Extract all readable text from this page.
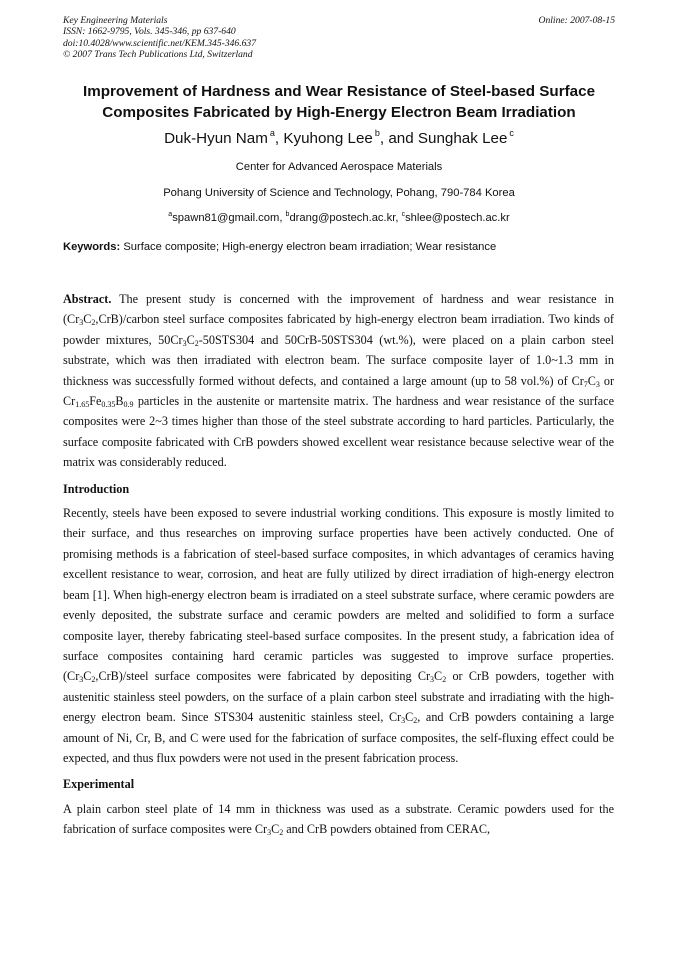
Key Engineering Materials
ISSN: 1662-9795, Vols. 345-346, pp 637-640
doi:10.4028/www.scientific.net/KEM.345-346.637
© 2007 Trans Tech Publications Ltd, Switzerland
Online: 2007-08-15
Improvement of Hardness and Wear Resistance of Steel-based Surface
Composites Fabricated by High-Energy Electron Beam Irradiation
Duk-Hyun Nam $^a$, Kyuhong Lee $^b$, and Sunghak Lee $^c$
Center for Advanced Aerospace Materials
Pohang University of Science and Technology, Pohang, 790-784 Korea
$^a$spawn81@gmail.com, $^b$drang@postech.ac.kr, $^c$shlee@postech.ac.kr
Keywords: Surface composite; High-energy electron beam irradiation; Wear resistance

Abstract. The present study is concerned with the improvement of hardness and wear resistance in $(Cr_3C_2,CrB)$/carbon steel surface composites fabricated by high-energy electron beam irradiation. Two kinds of powder mixtures, $50Cr_3C_2-50STS304$ and 50CrB-50STS304 (wt.%), were placed on a plain carbon steel substrate, which was then irradiated with electron beam. The surface composite layer of 1.0~1.3 mm in thickness was successfully formed without defects, and contained a large amount (up to 58 vol.%) of $Cr_7C_3$ or $Cr_{1.65}Fe_{0.35}B_{0.9}$ particles in the austenite or martensite matrix. The hardness and wear resistance of the surface composites were 2~3 times higher than those of the steel substrate according to hard particles. Particularly, the surface composite fabricated with CrB powders showed excellent wear resistance because selective wear of the matrix was considerably reduced.

Introduction

Recently, steels have been exposed to severe industrial working conditions. This exposure is mostly limited to their surface, and thus researches on improving surface properties have been actively conducted. One of promising methods is a fabrication of steel-based surface composites, in which advantages of ceramics having excellent resistance to wear, corrosion, and heat are fully utilized by direct irradiation of high-energy electron beam [1]. When high-energy electron beam is irradiated on a steel substrate surface, where ceramic powders are evenly deposited, the substrate surface and ceramic powders are melted and solidified to form a surface composite layer, thereby fabricating steel-based surface composites. In the present study, a fabrication idea of surface composites containing hard ceramic particles was suggested to improve surface properties. $(Cr_3C_2,CrB)$/steel surface composites were fabricated by depositing $Cr_3C_2$ or CrB powders, together with austenitic stainless steel powders, on the surface of a plain carbon steel substrate and irradiating with the high-energy electron beam. Since STS304 austenitic stainless steel, $Cr_3C_2$, and CrB powders containing a large amount of Ni, Cr, B, and C were used for the fabrication of surface composites, the self-fluxing effect could be expected, and thus flux powders were not used in the present fabrication process.

Experimental

A plain carbon steel plate of 14 mm in thickness was used as a substrate. Ceramic powders used for the fabrication of surface composites were $Cr_3C_2$ and CrB powders obtained from CERAC,
